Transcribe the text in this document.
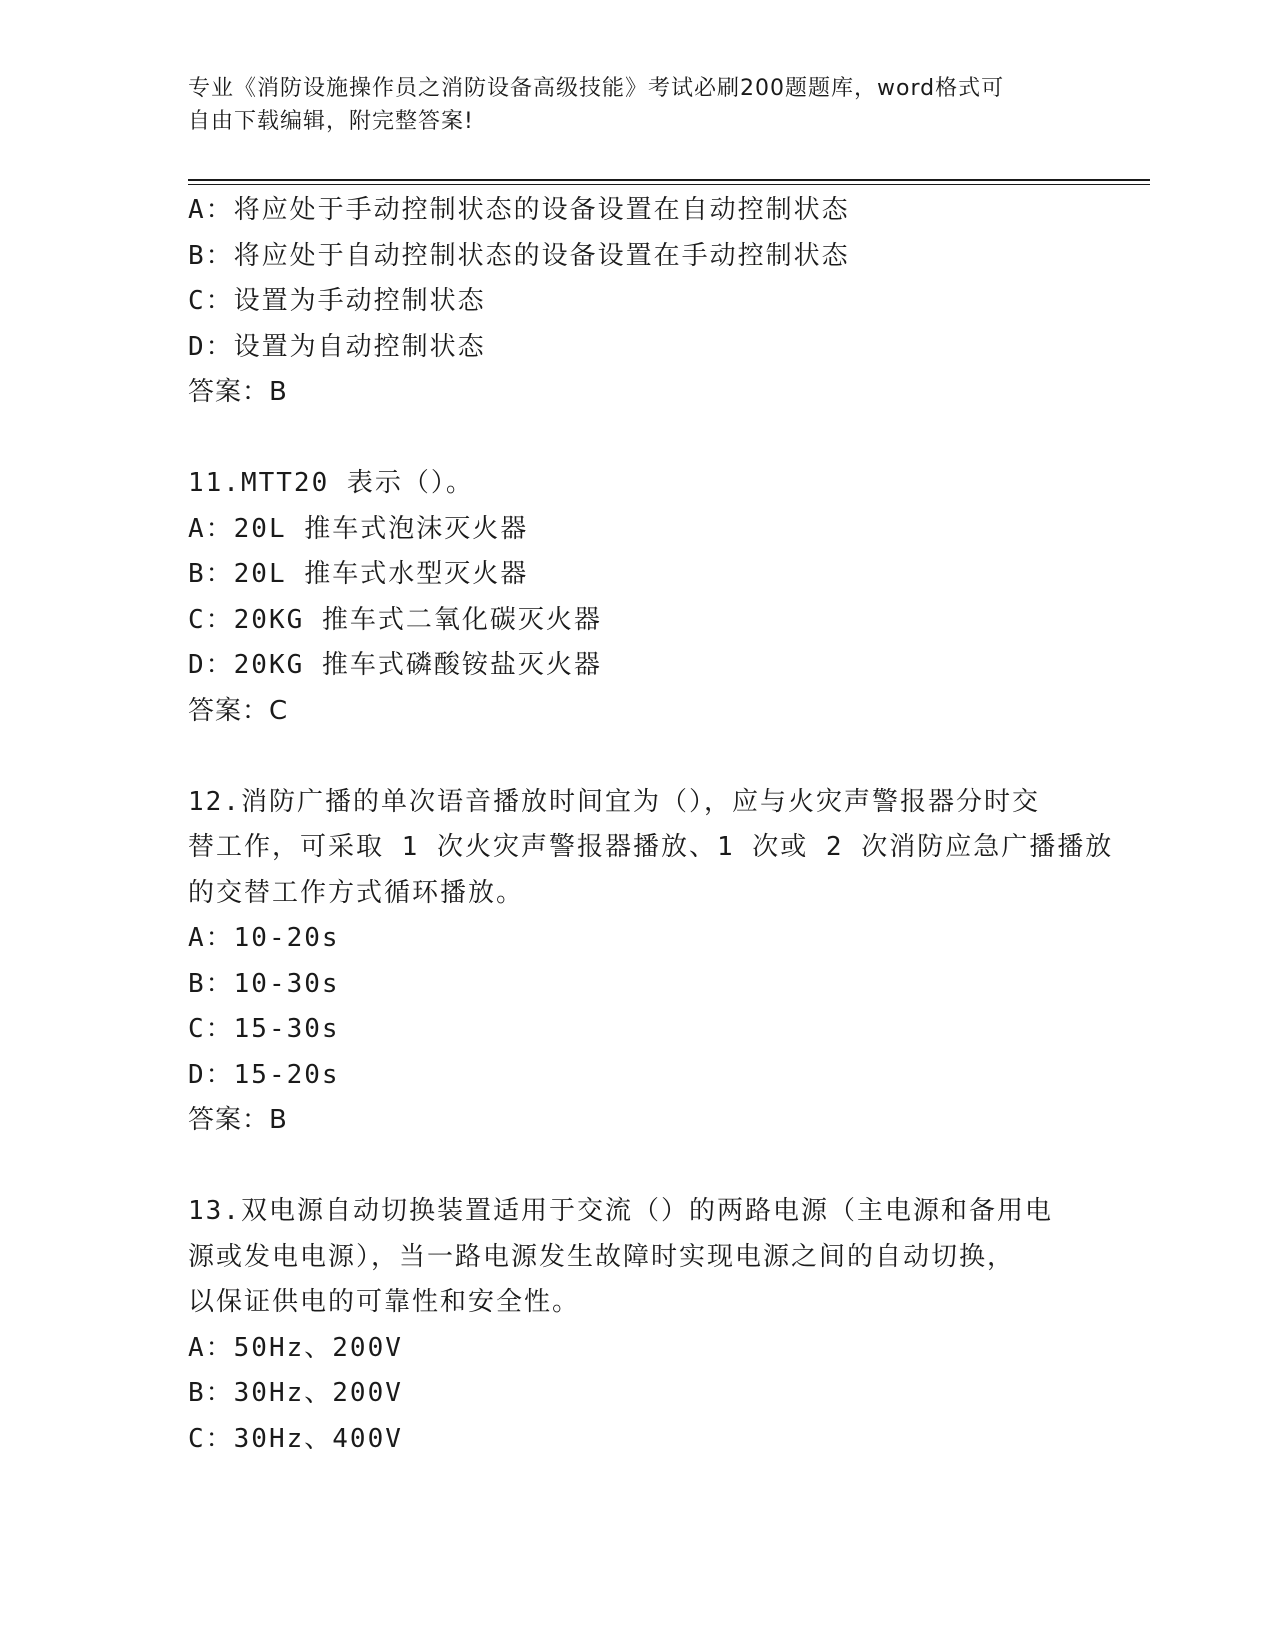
专业《消防设施操作员之消防设备高级技能》考试必刷200题题库，word格式可
自由下载编辑，附完整答案!
A：将应处于手动控制状态的设备设置在自动控制状态
B：将应处于自动控制状态的设备设置在手动控制状态
C：设置为手动控制状态
D：设置为自动控制状态
答案：B
11.MTT20 表示（）。
A：20L 推车式泡沫灭火器
B：20L 推车式水型灭火器
C：20KG 推车式二氧化碳灭火器
D：20KG 推车式磷酸铵盐灭火器
答案：C
12.消防广播的单次语音播放时间宜为（），应与火灾声警报器分时交
替工作，可采取 1 次火灾声警报器播放、1 次或 2 次消防应急广播播放
的交替工作方式循环播放。
A：10-20s
B：10-30s
C：15-30s
D：15-20s
答案：B
13.双电源自动切换装置适用于交流（）的两路电源（主电源和备用电
源或发电电源），当一路电源发生故障时实现电源之间的自动切换，
以保证供电的可靠性和安全性。
A：50Hz、200V
B：30Hz、200V
C：30Hz、400V
